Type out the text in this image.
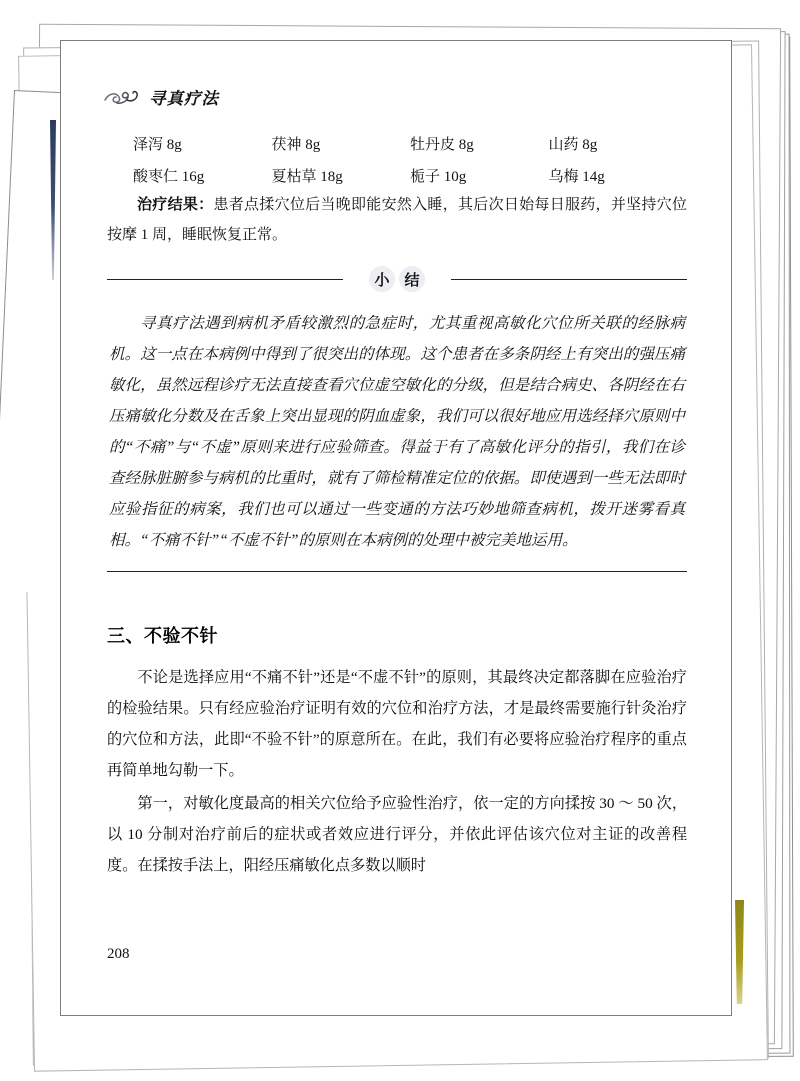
寻真疗法
泽泻 8g	茯神 8g	牡丹皮 8g	山药 8g
酸枣仁 16g	夏枯草 18g	栀子 10g	乌梅 14g

治疗结果：患者点揉穴位后当晚即能安然入睡，其后次日始每日服药，并坚持穴位按摩 1 周，睡眠恢复正常。

小 结

寻真疗法遇到病机矛盾较激烈的急症时，尤其重视高敏化穴位所关联的经脉病机。这一点在本病例中得到了很突出的体现。这个患者在多条阴经上有突出的强压痛敏化，虽然远程诊疗无法直接查看穴位虚空敏化的分级，但是结合病史、各阴经在右压痛敏化分数及在舌象上突出显现的阴血虚象，我们可以很好地应用选经择穴原则中的“不痛”与“不虚”原则来进行应验筛查。得益于有了高敏化评分的指引，我们在诊查经脉脏腑参与病机的比重时，就有了筛检精准定位的依据。即使遇到一些无法即时应验指征的病案，我们也可以通过一些变通的方法巧妙地筛查病机，拨开迷雾看真相。“不痛不针”“不虚不针”的原则在本病例的处理中被完美地运用。

三、不验不针

不论是选择应用“不痛不针”还是“不虚不针”的原则，其最终决定都落脚在应验治疗的检验结果。只有经应验治疗证明有效的穴位和治疗方法，才是最终需要施行针灸治疗的穴位和方法，此即“不验不针”的原意所在。在此，我们有必要将应验治疗程序的重点再简单地勾勒一下。

第一，对敏化度最高的相关穴位给予应验性治疗，依一定的方向揉按 30 ～ 50 次，以 10 分制对治疗前后的症状或者效应进行评分，并依此评估该穴位对主证的改善程度。在揉按手法上，阳经压痛敏化点多数以顺时

208
